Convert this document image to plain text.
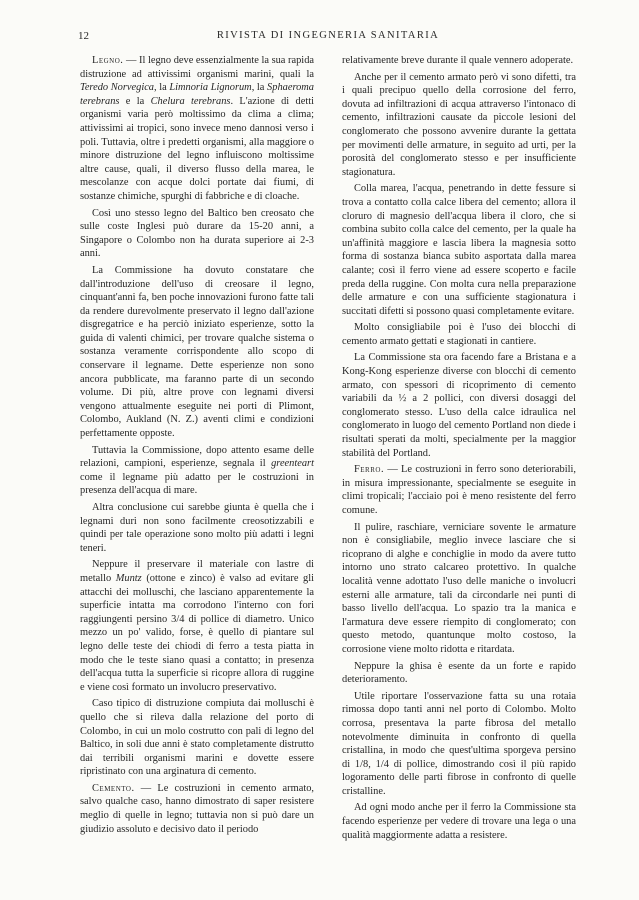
12	RIVISTA DI INGEGNERIA SANITARIA

Legno. — Il legno deve essenzialmente la sua rapida distruzione ad attivissimi organismi marini, quali la Teredo Norvegica, la Limnoria Lignorum, la Sphaeroma terebrans e la Chelura terebrans. L'azione di detti organismi varia però moltissimo da clima a clima; attivissimi ai tropici, sono invece meno dannosi verso i poli. Tuttavia, oltre i predetti organismi, alla maggiore o minore distruzione del legno influiscono moltissime altre cause, quali, il diverso flusso della marea, le mescolanze con acque dolci portate dai fiumi, di sostanze chimiche, spurghi di fabbriche e di cloache.

Così uno stesso legno del Baltico ben creosato che sulle coste Inglesi può durare da 15-20 anni, a Singapore o Colombo non ha durata superiore ai 2-3 anni.

La Commissione ha dovuto constatare che dall'introduzione dell'uso di creosare il legno, cinquant'anni fa, ben poche innovazioni furono fatte tali da rendere durevolmente preservato il legno dall'azione disgregatrice e ha perciò iniziato esperienze, sotto la guida di valenti chimici, per trovare qualche sistema o sostanza veramente corrispondente allo scopo di conservare il legname. Dette esperienze non sono ancora pubblicate, ma faranno parte di un secondo volume. Di più, altre prove con legnami diversi vengono attualmente eseguite nei porti di Plimont, Colombo, Aukland (N. Z.) aventi climi e condizioni perfettamente opposte.

Tuttavia la Commissione, dopo attento esame delle relazioni, campioni, esperienze, segnala il greenteart come il legname più adatto per le costruzioni in presenza dell'acqua di mare.

Altra conclusione cui sarebbe giunta è quella che i legnami duri non sono facilmente creosotizzabili e quindi per tale operazione sono molto più adatti i legni teneri.

Neppure il preservare il materiale con lastre di metallo Muntz (ottone e zinco) è valso ad evitare gli attacchi dei molluschi, che lasciano apparentemente la superficie intatta ma corrodono l'interno con fori raggiungenti persino 3/4 di pollice di diametro. Unico mezzo un po' valido, forse, è quello di piantare sul legno delle teste dei chiodi di ferro a testa piatta in modo che le teste siano quasi a contatto; in presenza dell'acqua tutta la superficie si ricopre allora di ruggine e viene così formato un involucro preservativo.

Caso tipico di distruzione compiuta dai molluschi è quello che si rileva dalla relazione del porto di Colombo, in cui un molo costrutto con pali di legno del Baltico, in soli due anni è stato completamente distrutto dai terribili organismi marini e dovette essere ripristinato con una arginatura di cemento.

Cemento. — Le costruzioni in cemento armato, salvo qualche caso, hanno dimostrato di saper resistere meglio di quelle in legno; tuttavia non si può dare un giudizio assoluto e decisivo dato il periodo

relativamente breve durante il quale vennero adoperate.

Anche per il cemento armato però vi sono difetti, tra i quali precipuo quello della corrosione del ferro, dovuta ad infiltrazioni di acqua attraverso l'intonaco di cemento, infiltrazioni causate da piccole lesioni del conglomerato che possono avvenire durante la gettata per movimenti delle armature, in seguito ad urti, per la porosità del conglomerato stesso e per insufficiente stagionatura.

Colla marea, l'acqua, penetrando in dette fessure si trova a contatto colla calce libera del cemento; allora il cloruro di magnesio dell'acqua libera il cloro, che si combina subito colla calce del cemento, per la quale ha un'affinità maggiore e lascia libera la magnesia sotto forma di sostanza bianca subito asportata dalla marea calante; così il ferro viene ad essere scoperto e facile preda della ruggine. Con molta cura nella preparazione delle armature e con una sufficiente stagionatura i succitati difetti si possono quasi completamente evitare.

Molto consigliabile poi è l'uso dei blocchi di cemento armato gettati e stagionati in cantiere.

La Commissione sta ora facendo fare a Bristana e a Kong-Kong esperienze diverse con blocchi di cemento armato, con spessori di ricoprimento di cemento variabili da ½ a 2 pollici, con diversi dosaggi del conglomerato stesso. L'uso della calce idraulica nel conglomerato in luogo del cemento Portland non diede i risultati sperati da molti, specialmente per la maggior stabilità del Portland.

Ferro. — Le costruzioni in ferro sono deteriorabili, in misura impressionante, specialmente se eseguite in climi tropicali; l'acciaio poi è meno resistente del ferro comune.

Il pulire, raschiare, verniciare sovente le armature non è consigliabile, meglio invece lasciare che si ricoprano di alghe e conchiglie in modo da avere tutto intorno uno strato calcareo protettivo. In qualche località venne adottato l'uso delle maniche o involucri esterni alle armature, tali da circondarle nei punti di basso livello dell'acqua. Lo spazio tra la manica e l'armatura deve essere riempito di conglomerato; con questo metodo, quantunque molto costoso, la corrosione viene molto ridotta e ritardata.

Neppure la ghisa è esente da un forte e rapido deterioramento.

Utile riportare l'osservazione fatta su una rotaia rimossa dopo tanti anni nel porto di Colombo. Molto corrosa, presentava la parte fibrosa del metallo notevolmente diminuita in confronto di quella cristallina, in modo che quest'ultima sporgeva persino di 1/8, 1/4 di pollice, dimostrando così il più rapido logoramento delle parti fibrose in confronto di quelle cristalline.

Ad ogni modo anche per il ferro la Commissione sta facendo esperienze per vedere di trovare una lega o una qualità maggiormente adatta a resistere.
